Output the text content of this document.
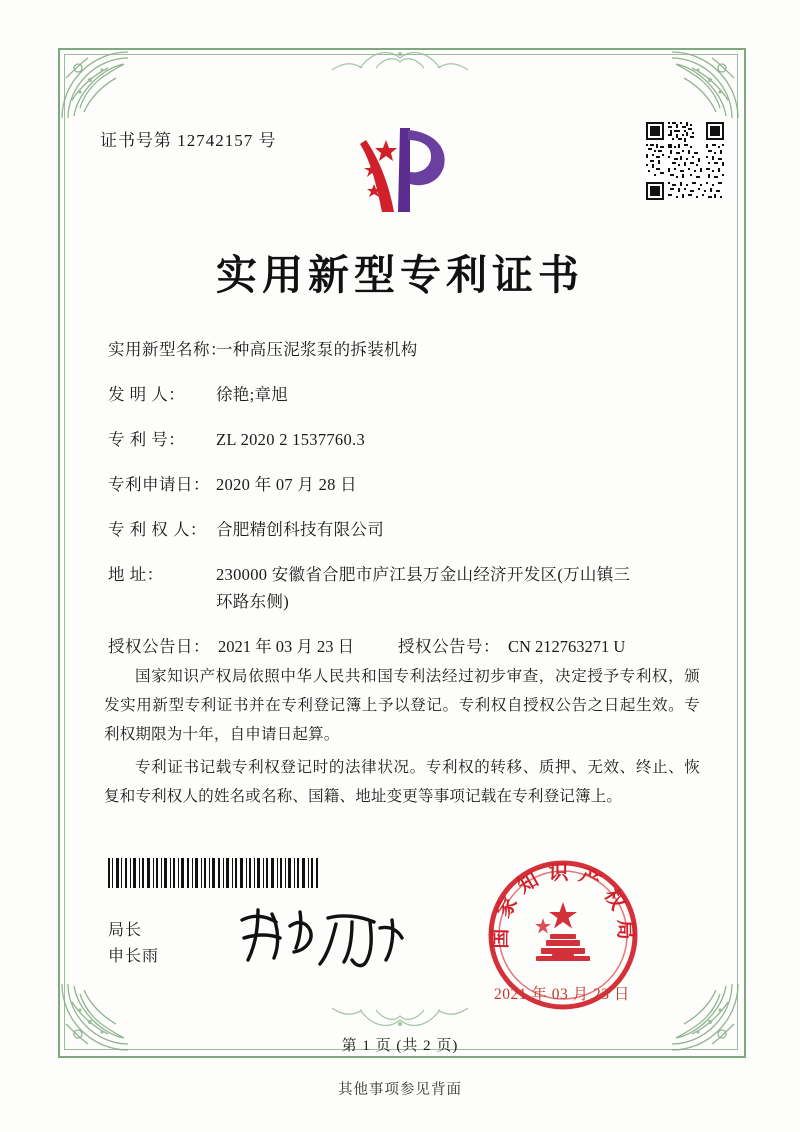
证书号第 12742157 号
实用新型专利证书
实用新型名称：
一种高压泥浆泵的拆装机构
发 明 人：	徐艳;章旭
专 利 号：	ZL 2020 2 1537760.3
专利申请日： 2020 年 07 月 28 日
专 利 权 人： 合肥精创科技有限公司
地 址：	230000 安徽省合肥市庐江县万金山经济开发区(万山镇三
环路东侧)
授权公告日： 2021 年 03 月 23 日	授权公告号： CN 212763271 U

国家知识产权局依照中华人民共和国专利法经过初步审查，决定授予专利权，颁发实用新型专利证书并在专利登记簿上予以登记。专利权自授权公告之日起生效。专利权期限为十年，自申请日起算。

专利证书记载专利权登记时的法律状况。专利权的转移、质押、无效、终止、恢复和专利权人的姓名或名称、国籍、地址变更等事项记载在专利登记簿上。

局长
申长雨
国家知识产权局
2021 年 03 月 23 日
第 1 页 (共 2 页)
其他事项参见背面
